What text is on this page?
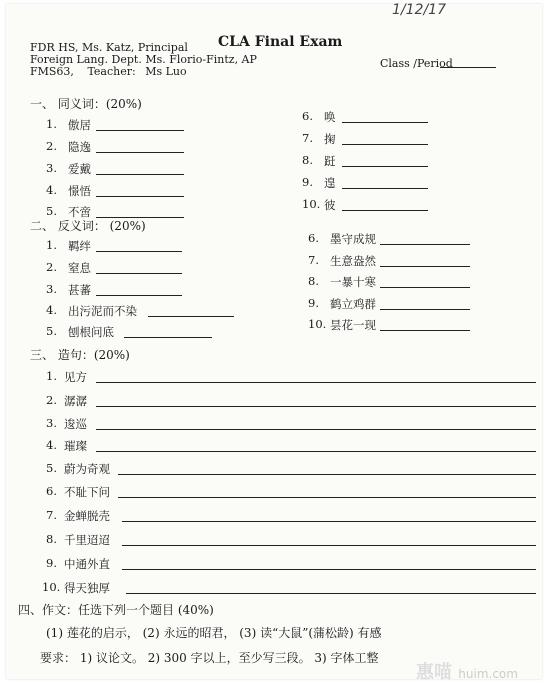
1/12/17
CLA Final Exam
FDR HS, Ms. Katz, Principal
Foreign Lang. Dept. Ms. Florio-Fintz, AP
FMS63, Teacher: Ms Luo
Class /Period
一、 同义词：(20%)
二、 反义词： (20%)
三、 造句：(20%)
四、作文：任选下列一个题目 (40%)
(1) 莲花的启示， (2) 永远的昭君， (3) 读“大鼠”(蒲松龄) 有感
要求： 1) 议论文。 2) 300 字以上，至少写三段。 3) 字体工整
惠喵 huim.com
1. 傲居
2. 隐逸
3. 爱戴
4. 憬悟
5. 不啻
6. 唤
7. 掬
8. 跹
9. 遑
10. 彼
1. 羁绊
2. 窒息
3. 甚蕃
4. 出污泥而不染
5. 刨根问底
6. 墨守成规
7. 生意盎然
8. 一暴十寒
9. 鹤立鸡群
10. 昙花一现
1. 见方
2. 潺潺
3. 逡巡
4. 璀璨
5. 蔚为奇观
6. 不耻下问
7. 金蝉脱壳
8. 千里迢迢
9. 中通外直
10. 得天独厚
